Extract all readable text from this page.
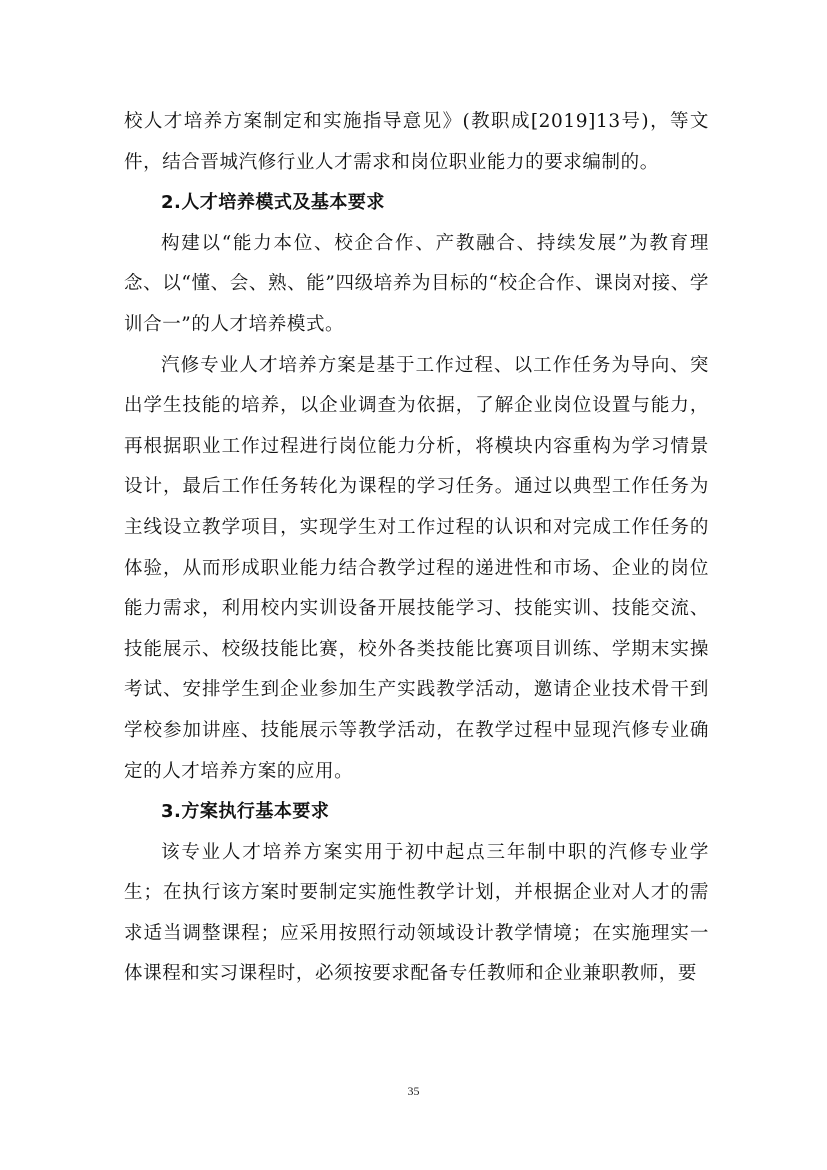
校人才培养方案制定和实施指导意见》(教职成[2019]13号)，等文件，结合晋城汽修行业人才需求和岗位职业能力的要求编制的。

2.人才培养模式及基本要求

构建以“能力本位、校企合作、产教融合、持续发展”为教育理念、以“懂、会、熟、能”四级培养为目标的“校企合作、课岗对接、学训合一”的人才培养模式。

汽修专业人才培养方案是基于工作过程、以工作任务为导向、突出学生技能的培养，以企业调查为依据，了解企业岗位设置与能力，再根据职业工作过程进行岗位能力分析，将模块内容重构为学习情景设计，最后工作任务转化为课程的学习任务。通过以典型工作任务为主线设立教学项目，实现学生对工作过程的认识和对完成工作任务的体验，从而形成职业能力结合教学过程的递进性和市场、企业的岗位能力需求，利用校内实训设备开展技能学习、技能实训、技能交流、技能展示、校级技能比赛，校外各类技能比赛项目训练、学期末实操考试、安排学生到企业参加生产实践教学活动，邀请企业技术骨干到学校参加讲座、技能展示等教学活动，在教学过程中显现汽修专业确定的人才培养方案的应用。

3.方案执行基本要求

该专业人才培养方案实用于初中起点三年制中职的汽修专业学生；在执行该方案时要制定实施性教学计划，并根据企业对人才的需求适当调整课程；应采用按照行动领域设计教学情境；在实施理实一体课程和实习课程时，必须按要求配备专任教师和企业兼职教师，要

35
